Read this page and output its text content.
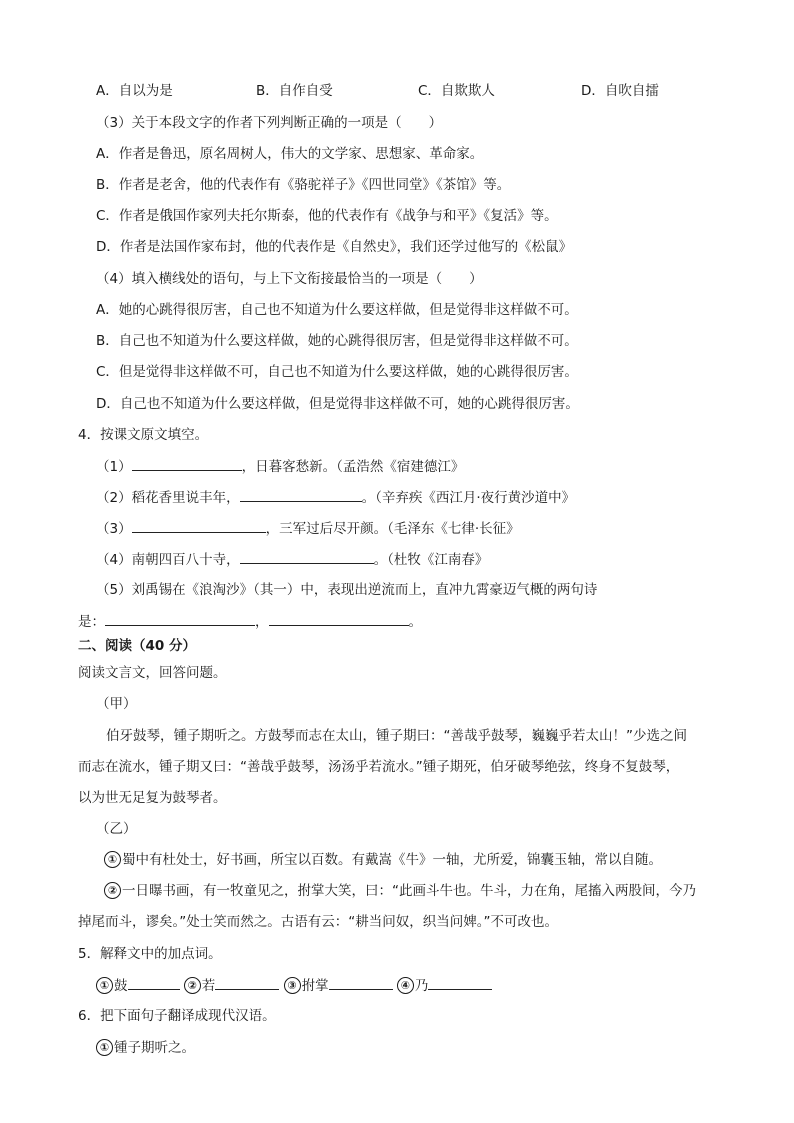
A．自以为是	B．自作自受	C．自欺欺人	D．自吹自擂
（3）关于本段文字的作者下列判断正确的一项是（　　）
A．作者是鲁迅，原名周树人，伟大的文学家、思想家、革命家。
B．作者是老舍，他的代表作有《骆驼祥子》《四世同堂》《茶馆》等。
C．作者是俄国作家列夫托尔斯泰，他的代表作有《战争与和平》《复活》等。
D．作者是法国作家布封，他的代表作是《自然史》，我们还学过他写的《松鼠》
（4）填入横线处的语句，与上下文衔接最恰当的一项是（　　）
A．她的心跳得很厉害，自己也不知道为什么要这样做，但是觉得非这样做不可。
B．自己也不知道为什么要这样做，她的心跳得很厉害，但是觉得非这样做不可。
C．但是觉得非这样做不可，自己也不知道为什么要这样做，她的心跳得很厉害。
D．自己也不知道为什么要这样做，但是觉得非这样做不可，她的心跳得很厉害。
4．按课文原文填空。
（1）	，日暮客愁新。（孟浩然《宿建德江》
（2）稻花香里说丰年，	。（辛弃疾《西江月·夜行黄沙道中》
（3）	，三军过后尽开颜。（毛泽东《七律·长征》
（4）南朝四百八十寺，	。（杜牧《江南春》
（5）刘禹锡在《浪淘沙》（其一）中，表现出逆流而上，直冲九霄豪迈气概的两句诗
是：	，	。
二、阅读（40 分）
阅读文言文，回答问题。
（甲）
伯牙鼓琴，锺子期听之。方鼓琴而志在太山，锺子期曰：“善哉乎鼓琴，巍巍乎若太山！”少选之间
而志在流水，锺子期又曰：“善哉乎鼓琴，汤汤乎若流水。”锺子期死，伯牙破琴绝弦，终身不复鼓琴，
以为世无足复为鼓琴者。
（乙）
① 蜀中有杜处士，好书画，所宝以百数。有戴嵩《牛》一轴，尤所爱，锦囊玉轴，常以自随。
② 一日曝书画，有一牧童见之，拊掌大笑，曰：“此画斗牛也。牛斗，力在角，尾搐入两股间，今乃
掉尾而斗，谬矣。”处士笑而然之。古语有云：“耕当问奴，织当问婢。”不可改也。
5．解释文中的加点词。
① 鼓	② 若	③ 拊掌	④ 乃
6．把下面句子翻译成现代汉语。
① 锺子期听之。
